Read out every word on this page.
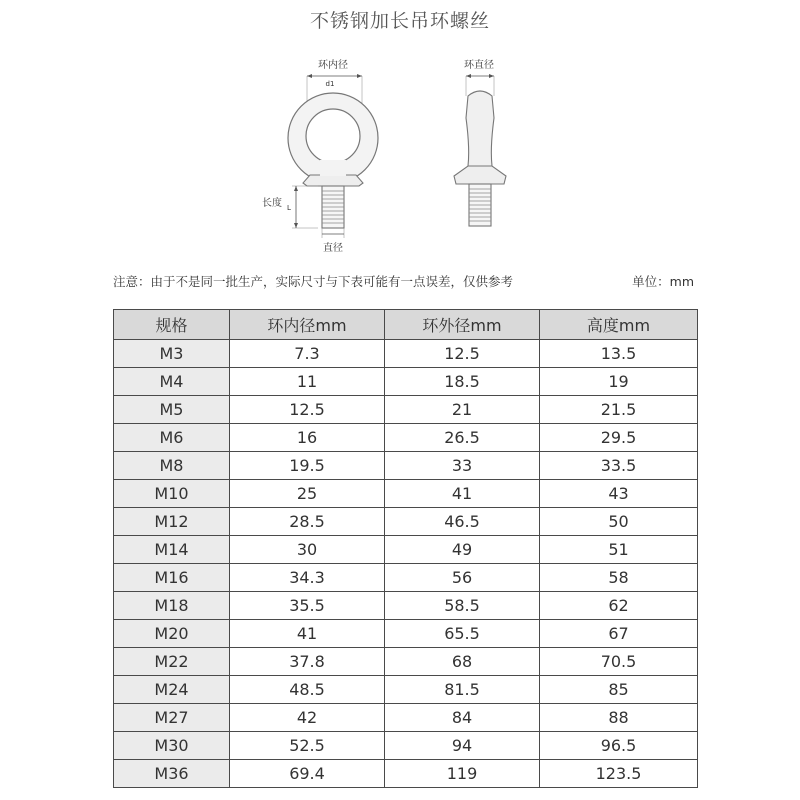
不锈钢加长吊环螺丝
环内径
d1
长度 L
直径
环直径
注意：由于不是同一批生产，实际尺寸与下表可能有一点误差，仅供参考	单位：mm
规格	环内径mm	环外径mm	高度mm
M3	7.3	12.5	13.5
M4	11	18.5	19
M5	12.5	21	21.5
M6	16	26.5	29.5
M8	19.5	33	33.5
M10	25	41	43
M12	28.5	46.5	50
M14	30	49	51
M16	34.3	56	58
M18	35.5	58.5	62
M20	41	65.5	67
M22	37.8	68	70.5
M24	48.5	81.5	85
M27	42	84	88
M30	52.5	94	96.5
M36	69.4	119	123.5
